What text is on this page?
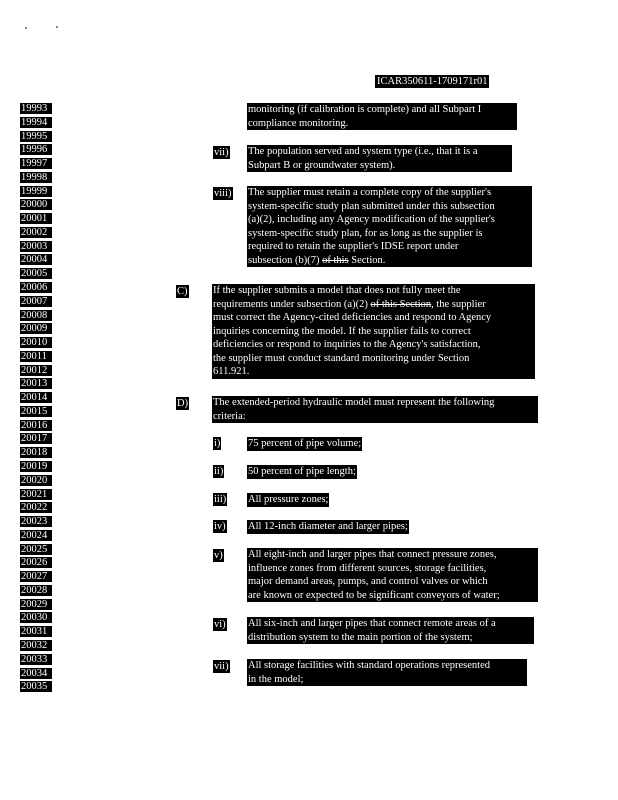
ICAR350611-1709171r01
19993
19994
19995
19996
19997
19998
19999
20000
20001
20002
20003
20004
20005
20006
20007
20008
20009
20010
20011
20012
20013
20014
20015
20016
20017
20018
20019
20020
20021
20022
20023
20024
20025
20026
20027
20028
20029
20030
20031
20032
20033
20034
20035
monitoring (if calibration is complete) and all Subpart I
compliance monitoring.
vii) The population served and system type (i.e., that it is a
Subpart B or groundwater system).
viii) The supplier must retain a complete copy of the supplier's
system-specific study plan submitted under this subsection
(a)(2), including any Agency modification of the supplier's
system-specific study plan, for as long as the supplier is
required to retain the supplier's IDSE report under
subsection (b)(7) of this Section.
C) If the supplier submits a model that does not fully meet the
requirements under subsection (a)(2) of this Section, the supplier
must correct the Agency-cited deficiencies and respond to Agency
inquiries concerning the model. If the supplier fails to correct
deficiencies or respond to inquiries to the Agency's satisfaction,
the supplier must conduct standard monitoring under Section
611.921.
D) The extended-period hydraulic model must represent the following
criteria:
i)	75 percent of pipe volume;
ii) 50 percent of pipe length;
iii) All pressure zones;
iv) All 12-inch diameter and larger pipes;
v) All eight-inch and larger pipes that connect pressure zones,
influence zones from different sources, storage facilities,
major demand areas, pumps, and control valves or which
are known or expected to be significant conveyors of water;
vi) All six-inch and larger pipes that connect remote areas of a
distribution system to the main portion of the system;
vii) All storage facilities with standard operations represented
in the model;
